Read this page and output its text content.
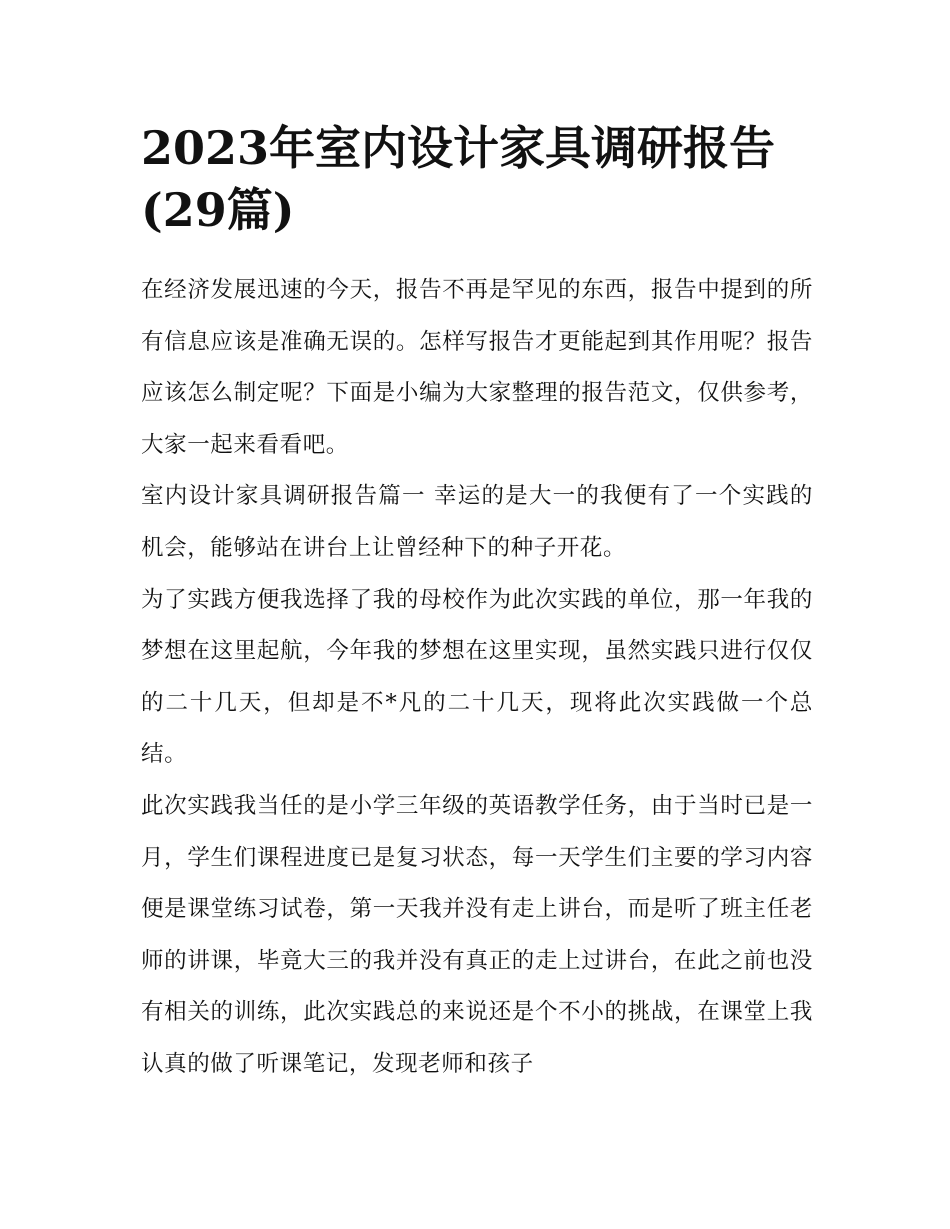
2023年室内设计家具调研报告
(29篇)

在经济发展迅速的今天，报告不再是罕见的东西，报告中提到的所有信息应该是准确无误的。怎样写报告才更能起到其作用呢？报告应该怎么制定呢？下面是小编为大家整理的报告范文，仅供参考，大家一起来看看吧。

室内设计家具调研报告篇一 幸运的是大一的我便有了一个实践的机会，能够站在讲台上让曾经种下的种子开花。

为了实践方便我选择了我的母校作为此次实践的单位，那一年我的梦想在这里起航，今年我的梦想在这里实现，虽然实践只进行仅仅的二十几天，但却是不*凡的二十几天，现将此次实践做一个总结。

此次实践我当任的是小学三年级的英语教学任务，由于当时已是一月，学生们课程进度已是复习状态，每一天学生们主要的学习内容便是课堂练习试卷，第一天我并没有走上讲台，而是听了班主任老师的讲课，毕竟大三的我并没有真正的走上过讲台，在此之前也没有相关的训练，此次实践总的来说还是个不小的挑战，在课堂上我认真的做了听课笔记，发现老师和孩子
